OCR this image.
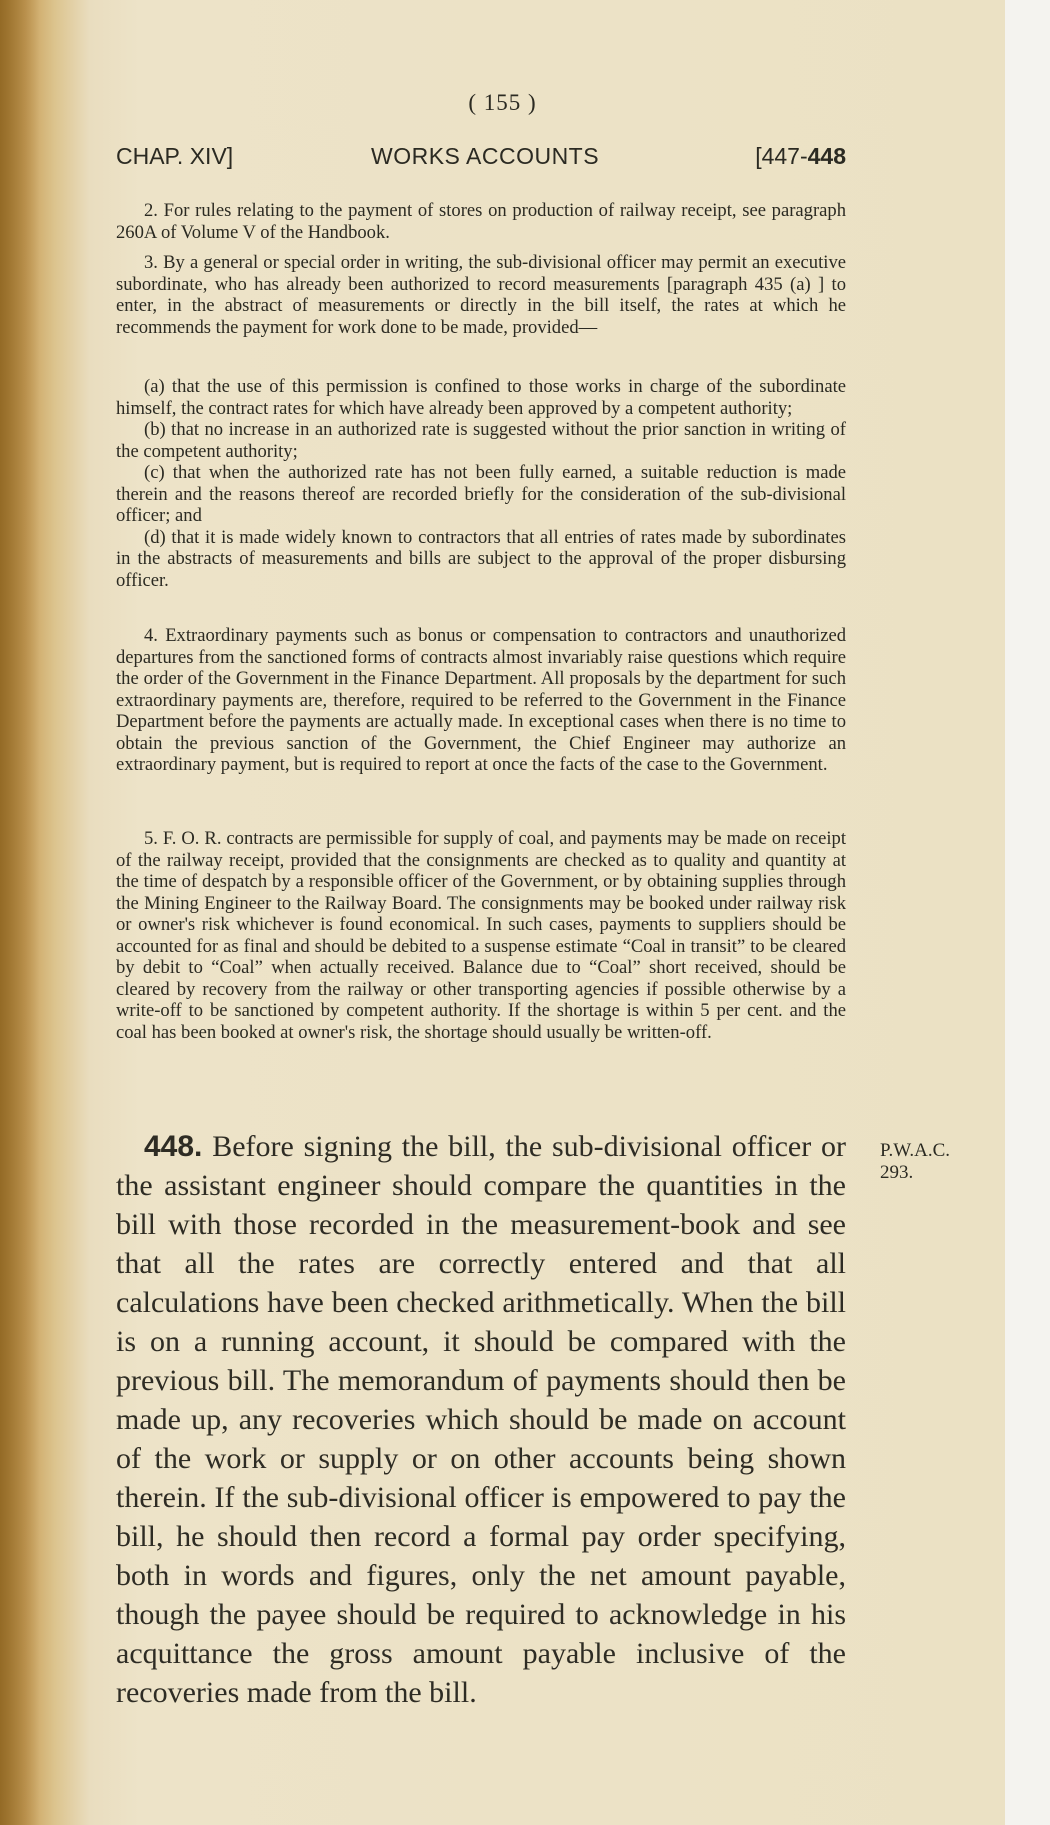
( 155 )
CHAP. XIV]	WORKS ACCOUNTS	[447-448

2. For rules relating to the payment of stores on production of railway receipt, see paragraph 260A of Volume V of the Handbook.

3. By a general or special order in writing, the sub-divisional officer may permit an executive subordinate, who has already been authorized to record measurements [paragraph 435 (a) ] to enter, in the abstract of measurements or directly in the bill itself, the rates at which he recommends the payment for work done to be made, provided—

(a) that the use of this permission is confined to those works in charge of the subordinate himself, the contract rates for which have already been approved by a competent authority;

(b) that no increase in an authorized rate is suggested without the prior sanction in writing of the competent authority;

(c) that when the authorized rate has not been fully earned, a suitable reduction is made therein and the reasons thereof are recorded briefly for the consideration of the sub-divisional officer; and

(d) that it is made widely known to contractors that all entries of rates made by subordinates in the abstracts of measurements and bills are subject to the approval of the proper disbursing officer.

4. Extraordinary payments such as bonus or compensation to contractors and unauthorized departures from the sanctioned forms of contracts almost invariably raise questions which require the order of the Government in the Finance Department. All proposals by the department for such extraordinary payments are, therefore, required to be referred to the Government in the Finance Department before the payments are actually made. In exceptional cases when there is no time to obtain the previous sanction of the Government, the Chief Engineer may authorize an extraordinary payment, but is required to report at once the facts of the case to the Government.

5. F. O. R. contracts are permissible for supply of coal, and payments may be made on receipt of the railway receipt, provided that the consignments are checked as to quality and quantity at the time of despatch by a responsible officer of the Government, or by obtaining supplies through the Mining Engineer to the Railway Board. The consignments may be booked under railway risk or owner's risk whichever is found economical. In such cases, payments to suppliers should be accounted for as final and should be debited to a suspense estimate “Coal in transit” to be cleared by debit to “Coal” when actually received. Balance due to “Coal” short received, should be cleared by recovery from the railway or other transporting agencies if possible otherwise by a write-off to be sanctioned by competent authority. If the shortage is within 5 per cent. and the coal has been booked at owner's risk, the shortage should usually be written-off.

448. Before signing the bill, the sub-divisional officer or the assistant engineer should compare the quantities in the bill with those recorded in the measurement-book and see that all the rates are correctly entered and that all calculations have been checked arithmetically. When the bill is on a running account, it should be compared with the previous bill. The memorandum of payments should then be made up, any recoveries which should be made on account of the work or supply or on other accounts being shown therein. If the sub-divisional officer is empowered to pay the bill, he should then record a formal pay order specifying, both in words and figures, only the net amount payable, though the payee should be required to acknowledge in his acquittance the gross amount payable inclusive of the recoveries made from the bill.

P.W.A.C.
293.
